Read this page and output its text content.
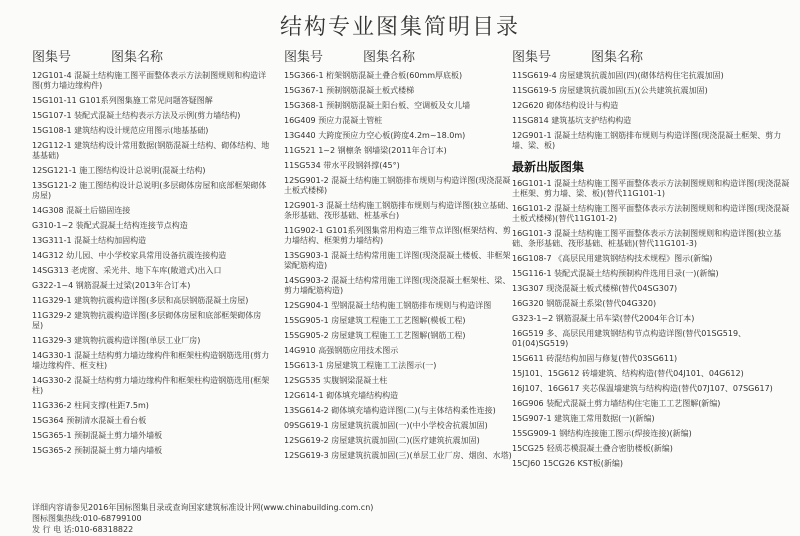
结构专业图集简明目录
图集号	图集名称
12G101-4 混凝土结构施工图平面整体表示方法制图规则和构造详图(剪力墙边缘构件)
15G101-11 G101系列图集施工常见问题答疑图解
15G107-1 装配式混凝土结构表示方法及示例(剪力墙结构)
15G108-1 建筑结构设计规范应用图示(地基基础)
12G112-1 建筑结构设计常用数据(钢筋混凝土结构、砌体结构、地基基础)
12SG121-1 施工图结构设计总说明(混凝土结构)
13SG121-2 施工图结构设计总说明(多层砌体房屋和底部框架砌体房屋)
14G308 混凝土后锚固连接
G310-1~2 装配式混凝土结构连接节点构造
13G311-1 混凝土结构加固构造
14G312 幼儿园、中小学校家具常用设备抗震连接构造
14SG313 老虎窗、采光井、地下车库(敞道式)出入口
G322-1~4 钢筋混凝土过梁(2013年合订本)
11G329-1 建筑物抗震构造详图(多层和高层钢筋混凝土房屋)
11G329-2 建筑物抗震构造详图(多层砌体房屋和底部框架砌体房屋)
11G329-3 建筑物抗震构造详图(单层工业厂房)
14G330-1 混凝土结构剪力墙边缘构件和框架柱构造钢筋选用(剪力墙边缘构件、框支柱)
14G330-2 混凝土结构剪力墙边缘构件和框架柱构造钢筋选用(框架柱)
11G336-2 柱间支撑(柱距7.5m)
15G364 预制清水混凝土看台板
15G365-1 预制混凝土剪力墙外墙板
15G365-2 预制混凝土剪力墙内墙板
图集号	图集名称
15G366-1 桁架钢筋混凝土叠合板(60mm厚底板)
15G367-1 预制钢筋混凝土板式楼梯
15G368-1 预制钢筋混凝土阳台板、空调板及女儿墙
16G409 预应力混凝土管桩
13G440 大跨度预应力空心板(跨度4.2m~18.0m)
11G521 1~2 钢檩条 钢墙梁(2011年合订本)
11SG534 带水平段钢斜撑(45°)
12SG901-2 混凝土结构施工钢筋排布规则与构造详图(现浇混凝土板式楼梯)
12G901-3 混凝土结构施工钢筋排布规则与构造详图(独立基础、条形基础、筏形基础、桩基承台)
11G902-1 G101系列图集常用构造三维节点详图(框架结构、剪力墙结构、框架剪力墙结构)
13SG903-1 混凝土结构常用施工详图(现浇混凝土楼板、非框架 梁配筋构造)
14SG903-2 混凝土结构常用施工详图(现浇混凝土框架柱、梁、剪力墙配筋构造)
12SG904-1 型钢混凝土结构施工钢筋排布规则与构造详图
15SG905-1 房屋建筑工程施工工艺图解(模板工程)
15SG905-2 房屋建筑工程施工工艺图解(钢筋工程)
14G910 高强钢筋应用技术图示
15G613-1 房屋建筑工程施工工法图示(一)
12SG535 实腹钢梁混凝土柱
12G614-1 砌体填充墙结构构造
13SG614-2 砌体填充墙构造详图(二)(与主体结构柔性连接)
09SG619-1 房屋建筑抗震加固(一)(中小学校舍抗震加固)
12SG619-2 房屋建筑抗震加固(二)(医疗建筑抗震加固)
12SG619-3 房屋建筑抗震加固(三)(单层工业厂房、烟囱、水塔)
图集号	图集名称
11SG619-4 房屋建筑抗震加固(四)(砌体结构住宅抗震加固)
11SG619-5 房屋建筑抗震加固(五)(公共建筑抗震加固)
12G620 砌体结构设计与构造
11SG814 建筑基坑支护结构构造
12G901-1 混凝土结构施工钢筋排布规则与构造详图(现浇混凝土框架、剪力墙、梁、板)
最新出版图集
16G101-1 混凝土结构施工图平面整体表示方法制图规则和构造详图(现浇混凝土框架、剪力墙、梁、板)(替代11G101-1)
16G101-2 混凝土结构施工图平面整体表示方法制图规则和构造详图(现浇混凝土板式楼梯)(替代11G101-2)
16G101-3 混凝土结构施工图平面整体表示方法制图规则和构造详图(独立基础、条形基础、筏形基础、桩基础)(替代11G101-3)
16G108-7 《高层民用建筑钢结构技术规程》图示(新编)
15G116-1 装配式混凝土结构预制构件选用目录(一)(新编)
13G307 现浇混凝土板式楼梯(替代04SG307)
16G320 钢筋混凝土系梁(替代04G320)
G323-1~2 钢筋混凝土吊车梁(替代2004年合订本)
16G519 多、高层民用建筑钢结构节点构造详图(替代01SG519、01(04)SG519)
15G611 砖混结构加固与修复(替代03SG611)
15J101、15G612 砖墙建筑、结构构造(替代04J101、04G612)
16J107、16G617 夹芯保温墙建筑与结构构造(替代07J107、07SG617)
16G906 装配式混凝土剪力墙结构住宅施工工艺图解(新编)
15G907-1 建筑施工常用数据(一)(新编)
15SG909-1 钢结构连接施工图示(焊接连接)(新编)
15CG25 轻质芯模混凝土叠合密肋楼板(新编)
15CJ60 15CG26 KST板(新编)
详细内容请参见2016年国标图集目录或查询国家建筑标准设计网(www.chinabuilding.com.cn)
图标图集热线:010-68799100
发 行 电 话:010-68318822
